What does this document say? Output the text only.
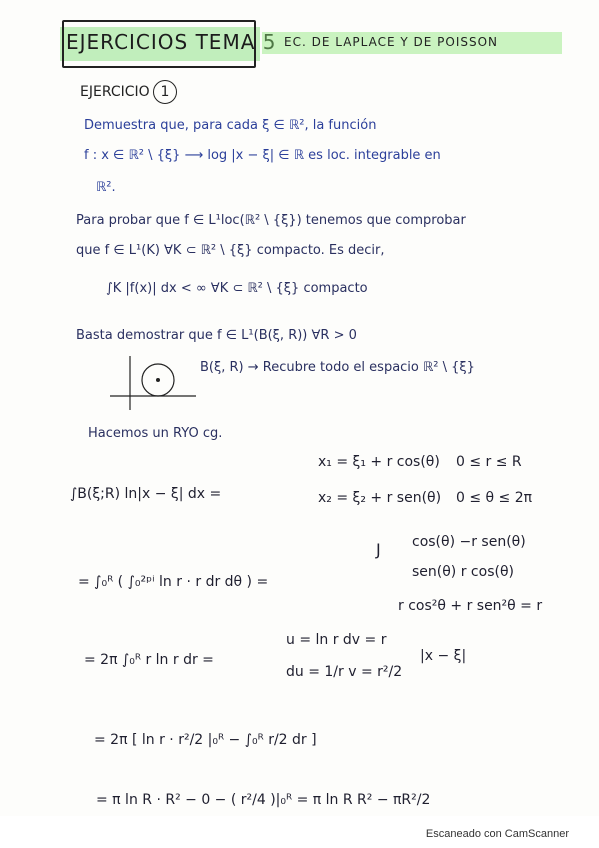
EJERCICIOS TEMA 5 EC. DE LAPLACE Y DE POISSON
EJERCICIO 1
Demuestra que, para cada ξ ∈ ℝ², la función
f : x ∈ ℝ² \ {ξ} ⟶ log |x − ξ| ∈ ℝ es loc. integrable en
ℝ².
Para probar que f ∈ L¹loc(ℝ² \ {ξ}) tenemos que comprobar
que f ∈ L¹(K) ∀K ⊂ ℝ² \ {ξ} compacto. Es decir,
∫K |f(x)| dx < ∞ ∀K ⊂ ℝ² \ {ξ} compacto
Basta demostrar que f ∈ L¹(B(ξ, R)) ∀R > 0
B(ξ, R) → Recubre todo el espacio ℝ² \ {ξ}
Hacemos un RYO cg.
∫B(ξ;R) ln|x − ξ| dx =
x₁ = ξ₁ + r cos(θ)
x₂ = ξ₂ + r sen(θ)
0 ≤ r ≤ R
0 ≤ θ ≤ 2π
J cos(θ) −r sen(θ)
sen(θ) r cos(θ)
r cos²θ + r sen²θ = r
= ∫₀ᴿ ( ∫₀²ᵖⁱ ln r · r dr dθ ) =
= 2π ∫₀ᴿ r ln r dr =
u = ln r dv = r
du = 1/r v = r²/2
|x − ξ|
= 2π [ ln r · r²/2 |₀ᴿ − ∫₀ᴿ r/2 dr ]
= π ln R · R² − 0 − ( r²/4 )|₀ᴿ = π ln R R² − πR²/2
Escaneado con CamScanner
